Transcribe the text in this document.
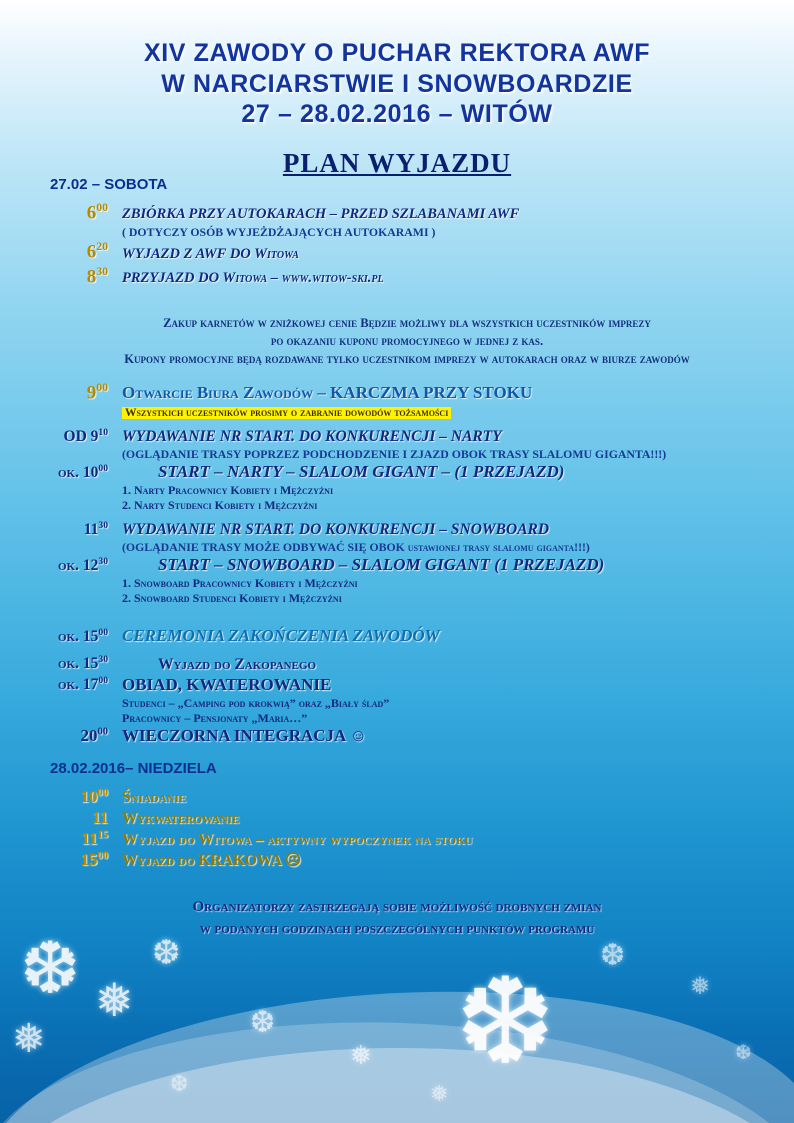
XIV ZAWODY O PUCHAR REKTORA AWF
W NARCIARSTWIE I SNOWBOARDZIE
27 – 28.02.2016 – WITÓW
PLAN WYJAZDU
27.02 – SOBOTA
$6^{00}$ ZBIÓRKA PRZY AUTOKARACH – PRZED SZLABANAMI AWF
( DOTYCZY OSÓB WYJEŻDŻAJĄCYCH AUTOKARAMI )
$6^{20}$ WYJAZD Z AWF DO Witowa
$8^{30}$ PRZYJAZD DO Witowa – www.witow-ski.pl
Zakup karnetów w zniżkowej cenie Będzie możliwy dla wszystkich uczestników imprezy
po okazaniu kuponu promocyjnego w jednej z kas.
Kupony promocyjne będą rozdawane tylko uczestnikom imprezy w autokarach oraz w biurze zawodów
$9^{00}$ Otwarcie Biura Zawodów – KARCZMA PRZY STOKU
Wszystkich uczestników prosimy o zabranie dowodów tożsamości
OD $9^{10}$ WYDAWANIE NR START. DO KONKURENCJI – NARTY
(OGLĄDANIE TRASY POPRZEZ PODCHODZENIE I ZJAZD OBOK TRASY SLALOMU GIGANTA!!!)
ok. $10^{00}$	START – NARTY – SLALOM GIGANT – (1 PRZEJAZD)
1. Narty Pracownicy Kobiety i Mężczyźni
2. Narty Studenci Kobiety i Mężczyźni
$11^{30}$ WYDAWANIE NR START. DO KONKURENCJI – SNOWBOARD
(OGLĄDANIE TRASY MOŻE ODBYWAĆ SIĘ OBOK ustawionej trasy slalomu giganta!!!)
ok. $12^{30}$	START – SNOWBOARD – SLALOM GIGANT (1 PRZEJAZD)
1. Snowboard Pracownicy Kobiety i Mężczyźni
2. Snowboard Studenci Kobiety i Mężczyźni
ok. $15^{00}$ CEREMONIA ZAKOŃCZENIA ZAWODÓW
ok. $15^{30}$	Wyjazd do Zakopanego
ok. $17^{00}$ OBIAD, KWATEROWANIE
Studenci – „Camping pod krokwią” oraz „Biały ślad”
Pracownicy – Pensjonaty „Maria…”
$20^{00}$ WIECZORNA INTEGRACJA ☺
28.02.2016– NIEDZIELA
$10^{00}$ Śniadanie
11 Wykwaterowanie
$11^{15}$ Wyjazd do Witowa – aktywny wypoczynek na stoku
$15^{00}$ Wyjazd do KRAKOWA ☹
Organizatorzy zastrzegają sobie możliwość drobnych zmian
w podanych godzinach poszczególnych punktów programu
❆
❆ ❅
❆
❅	❆
❅
❆
❅
❆
❅
❆
